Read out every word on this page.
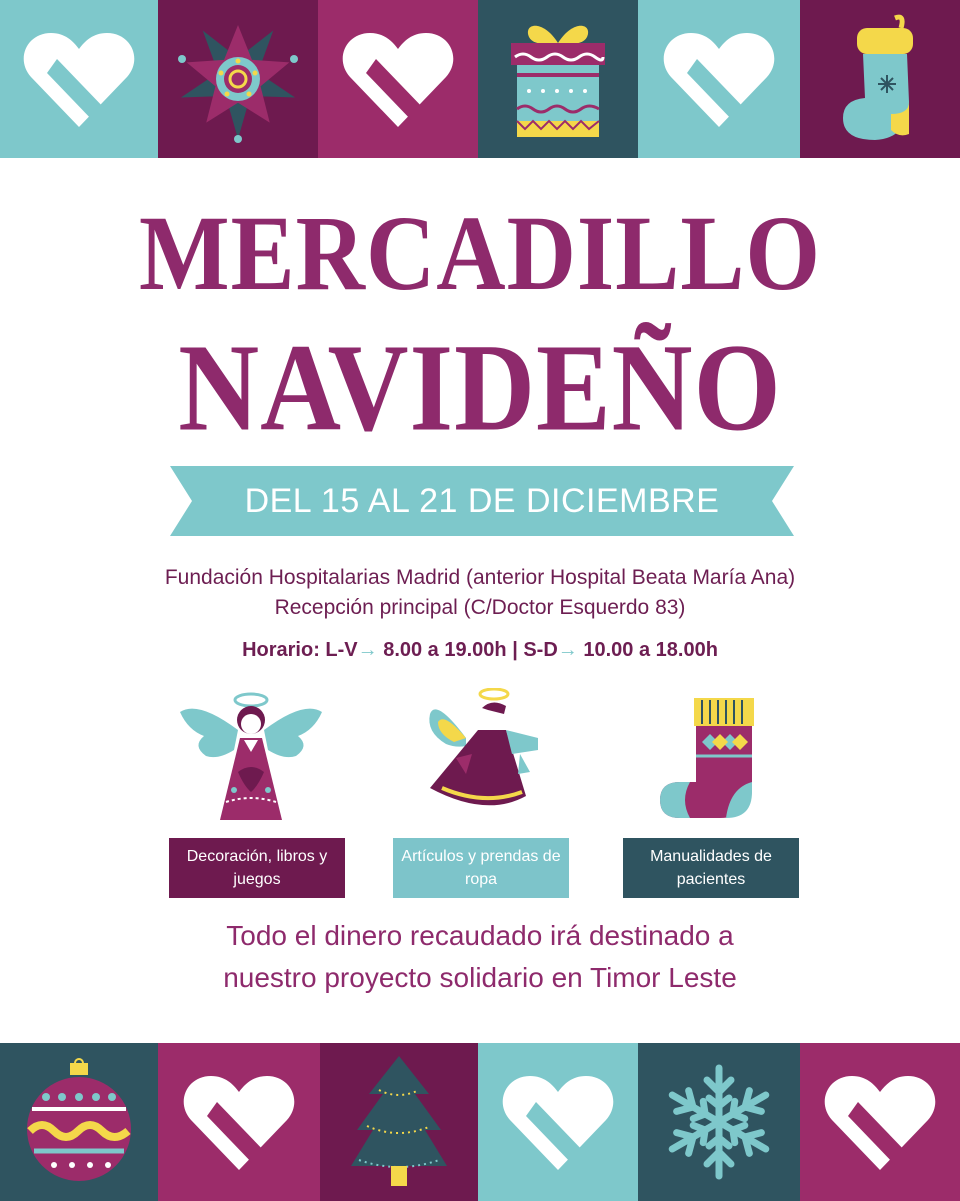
MERCADILLO
NAVIDEÑO
DEL 15 AL 21 DE DICIEMBRE
Fundación Hospitalarias Madrid (anterior Hospital Beata María Ana)
Recepción principal (C/Doctor Esquerdo 83)
Horario: L-V→ 8.00 a 19.00h | S-D→ 10.00 a 18.00h
Decoración, libros y juegos
Artículos y prendas de ropa
Manualidades de pacientes
Todo el dinero recaudado irá destinado a
nuestro proyecto solidario en Timor Leste
